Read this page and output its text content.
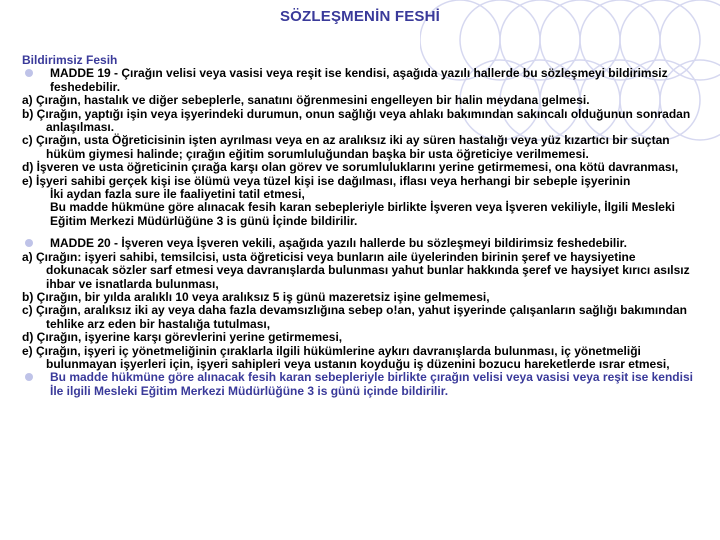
SÖZLEŞMENİN FESHİ
Bildirimsiz Fesih
MADDE 19 - Çırağın velisi veya vasisi veya reşit ise kendisi, aşağıda yazılı hallerde bu sözleşmeyi bildirimsiz feshedebilir.
a) Çırağın, hastalık ve diğer sebeplerle, sanatını öğrenmesini engelleyen bir halin meydana gelmesi.
b) Çırağın, yaptığı işin veya işyerindeki durumun, onun sağlığı veya ahlakı bakımından sakıncalı olduğunun sonradan anlaşılması.
c) Çırağın, usta Öğreticisinin işten ayrılması veya en az aralıksız iki ay süren hastalığı veya yüz kızartıcı bir suçtan hüküm giymesi halinde; çırağın eğitim sorumluluğundan başka bir usta öğreticiye verilmemesi.
d) İşveren ve usta öğreticinin çırağa karşı olan görev ve sorumluluklarını yerine getirmemesi, ona kötü davranması,
e) İşyeri sahibi gerçek kişi ise ölümü veya tüzel kişi ise dağılması, iflası veya herhangi bir sebeple işyerinin
İki aydan fazla sure ile faaliyetini tatil etmesi,
Bu madde hükmüne göre alınacak fesih karan sebepleriyle birlikte İşveren veya İşveren vekiliyle, İlgili Mesleki Eğitim Merkezi Müdürlüğüne 3 is günü İçinde bildirilir.
MADDE 20 - İşveren veya İşveren vekili, aşağıda yazılı hallerde bu sözleşmeyi bildirimsiz feshedebilir.
a) Çırağın: işyeri sahibi, temsilcisi, usta öğreticisi veya bunların aile üyelerinden birinin şeref ve haysiyetine dokunacak sözler sarf etmesi veya davranışlarda bulunması yahut bunlar hakkında şeref ve haysiyet kırıcı asılsız ihbar ve isnatlarda bulunması,
b) Çırağın, bir yılda aralıklı 10 veya aralıksız 5 iş günü mazeretsiz işine gelmemesi,
c) Çırağın, aralıksız iki ay veya daha fazla devamsızlığına sebep o!an, yahut işyerinde çalışanların sağlığı bakımından tehlike arz eden bir hastalığa tutulması,
d) Çırağın, işyerine karşı görevlerini yerine getirmemesi,
e) Çırağın, işyeri iç yönetmeliğinin çıraklarla ilgili hükümlerine aykırı davranışlarda bulunması, iç yönetmeliği bulunmayan işyerleri için, işyeri sahipleri veya ustanın koyduğu iş düzenini bozucu hareketlerde ısrar etmesi,
Bu madde hükmüne göre alınacak fesih karan sebepleriyle birlikte çırağın velisi veya vasisi veya reşit ise kendisi İle ilgili Mesleki Eğitim Merkezi Müdürlüğüne 3 is günü içinde bildirilir.
